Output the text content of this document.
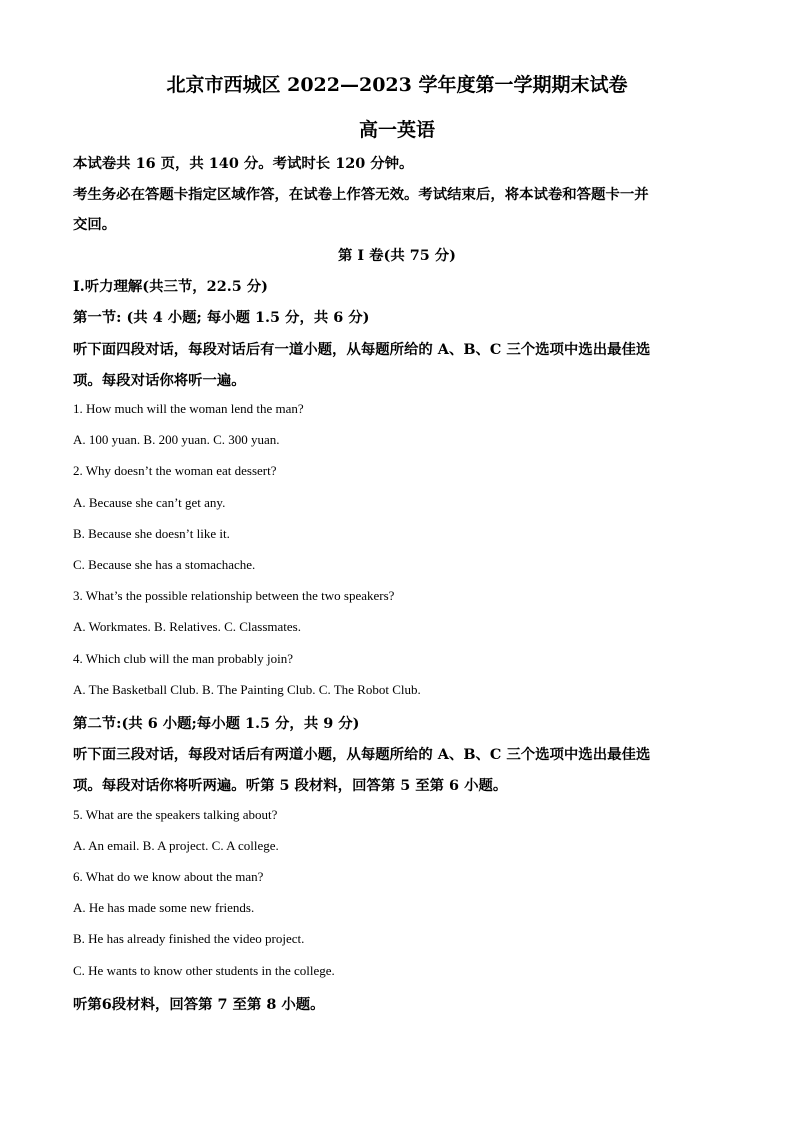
北京市西城区 2022—2023 学年度第一学期期末试卷
高一英语
本试卷共 16 页，共 140 分。考试时长 120 分钟。
考生务必在答题卡指定区域作答，在试卷上作答无效。考试结束后，将本试卷和答题卡一并
交回。
第 I 卷(共 75 分)
Ⅰ.听力理解(共三节，22.5 分)
第一节: (共 4 小题; 每小题 1.5 分，共 6 分)
听下面四段对话，每段对话后有一道小题，从每题所给的 A、B、C 三个选项中选出最佳选
项。每段对话你将听一遍。
1. How much will the woman lend the man?
A. 100 yuan. B. 200 yuan. C. 300 yuan.
2. Why doesn’t the woman eat dessert?
A. Because she can’t get any.
B. Because she doesn’t like it.
C. Because she has a stomachache.
3. What’s the possible relationship between the two speakers?
A. Workmates. B. Relatives. C. Classmates.
4. Which club will the man probably join?
A. The Basketball Club. B. The Painting Club. C. The Robot Club.
第二节:(共 6 小题;每小题 1.5 分，共 9 分)
听下面三段对话，每段对话后有两道小题，从每题所给的 A、B、C 三个选项中选出最佳选
项。每段对话你将听两遍。听第 5 段材料，回答第 5 至第 6 小题。
5. What are the speakers talking about?
A. An email. B. A project. C. A college.
6. What do we know about the man?
A. He has made some new friends.
B. He has already finished the video project.
C. He wants to know other students in the college.
听第6段材料，回答第 7 至第 8 小题。
